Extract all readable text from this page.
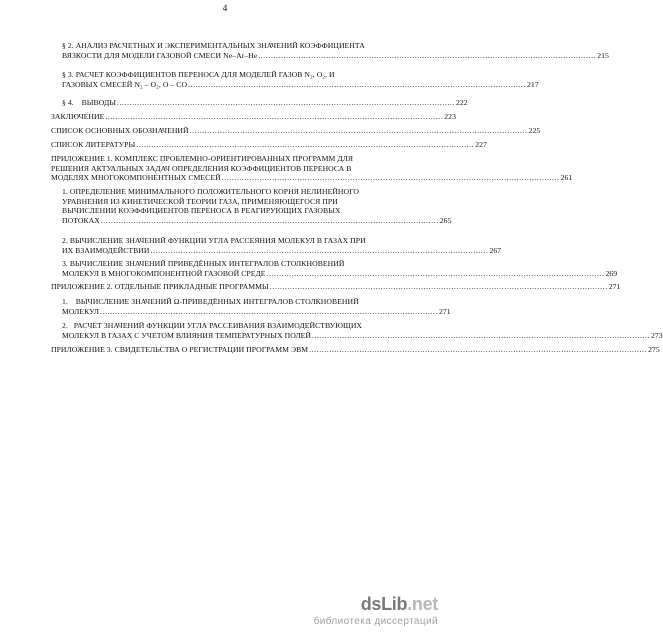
4
§ 2. АНАЛИЗ РАСЧЕТНЫХ И ЭКСПЕРИМЕНТАЛЬНЫХ ЗНАЧЕНИЙ КОЭФФИЦИЕНТА
ВЯЗКОСТИ ДЛЯ МОДЕЛИ ГАЗОВОЙ СМЕСИ Ne–Ar–He ...................................................................................................................................... 215
§ 3. РАСЧЕТ КОЭФФИЦИЕНТОВ ПЕРЕНОСА ДЛЯ МОДЕЛЕЙ ГАЗОВ N₂, O₂, И
ГАЗОВЫХ СМЕСЕЙ N₂ – O₂, O – CO ...................................................................................................................................... 217
§ 4.    ВЫВОДЫ ...................................................................................................................................... 222
ЗАКЛЮЧЕНИЕ ...................................................................................................................................... 223
СПИСОК ОСНОВНЫХ ОБОЗНАЧЕНИЙ ...................................................................................................................................... 225
СПИСОК ЛИТЕРАТУРЫ ...................................................................................................................................... 227
ПРИЛОЖЕНИЕ 1. КОМПЛЕКС ПРОБЛЕМНО-ОРИЕНТИРОВАННЫХ ПРОГРАММ ДЛЯ
РЕШЕНИЯ АКТУАЛЬНЫХ ЗАДАЧ ОПРЕДЕЛЕНИЯ КОЭФФИЦИЕНТОВ ПЕРЕНОСА В
МОДЕЛЯХ МНОГОКОМПОНЕНТНЫХ СМЕСЕЙ ...................................................................................................................................... 261
1. ОПРЕДЕЛЕНИЕ МИНИМАЛЬНОГО ПОЛОЖИТЕЛЬНОГО КОРНЯ НЕЛИНЕЙНОГО
УРАВНЕНИЯ ИЗ КИНЕТИЧЕСКОЙ ТЕОРИИ ГАЗА, ПРИМЕНЯЮЩЕГОСЯ ПРИ
ВЫЧИСЛЕНИИ КОЭФФИЦИЕНТОВ ПЕРЕНОСА В РЕАГИРУЮЩИХ ГАЗОВЫХ
ПОТОКАХ ...................................................................................................................................... 265
2. ВЫЧИСЛЕНИЕ ЗНАЧЕНИЙ ФУНКЦИИ УГЛА РАССЕЯНИЯ МОЛЕКУЛ В ГАЗАХ ПРИ
ИХ ВЗАИМОДЕЙСТВИИ ...................................................................................................................................... 267
3. ВЫЧИСЛЕНИЕ ЗНАЧЕНИЙ ПРИВЕДЁННЫХ ИНТЕГРАЛОВ СТОЛКНОВЕНИЙ
МОЛЕКУЛ В МНОГОКОМПОНЕНТНОЙ ГАЗОВОЙ СРЕДЕ ...................................................................................................................................... 269
ПРИЛОЖЕНИЕ 2. ОТДЕЛЬНЫЕ ПРИКЛАДНЫЕ ПРОГРАММЫ ...................................................................................................................................... 271
1.    ВЫЧИСЛЕНИЕ ЗНАЧЕНИЙ Ω-ПРИВЕДЁННЫХ ИНТЕГРАЛОВ СТОЛКНОВЕНИЙ
МОЛЕКУЛ ...................................................................................................................................... 271
2.   РАСЧЕТ ЗНАЧЕНИЙ ФУНКЦИИ УГЛА РАССЕИВАНИЯ ВЗАИМОДЕЙСТВУЮЩИХ
МОЛЕКУЛ В ГАЗАХ С УЧЕТОМ ВЛИЯНИЯ ТЕМПЕРАТУРНЫХ ПОЛЕЙ ...................................................................................................................................... 273
ПРИЛОЖЕНИЕ 3. СВИДЕТЕЛЬСТВА О РЕГИСТРАЦИИ ПРОГРАММ ЭВМ ...................................................................................................................................... 275
dsLib.net
библиотека диссертаций
